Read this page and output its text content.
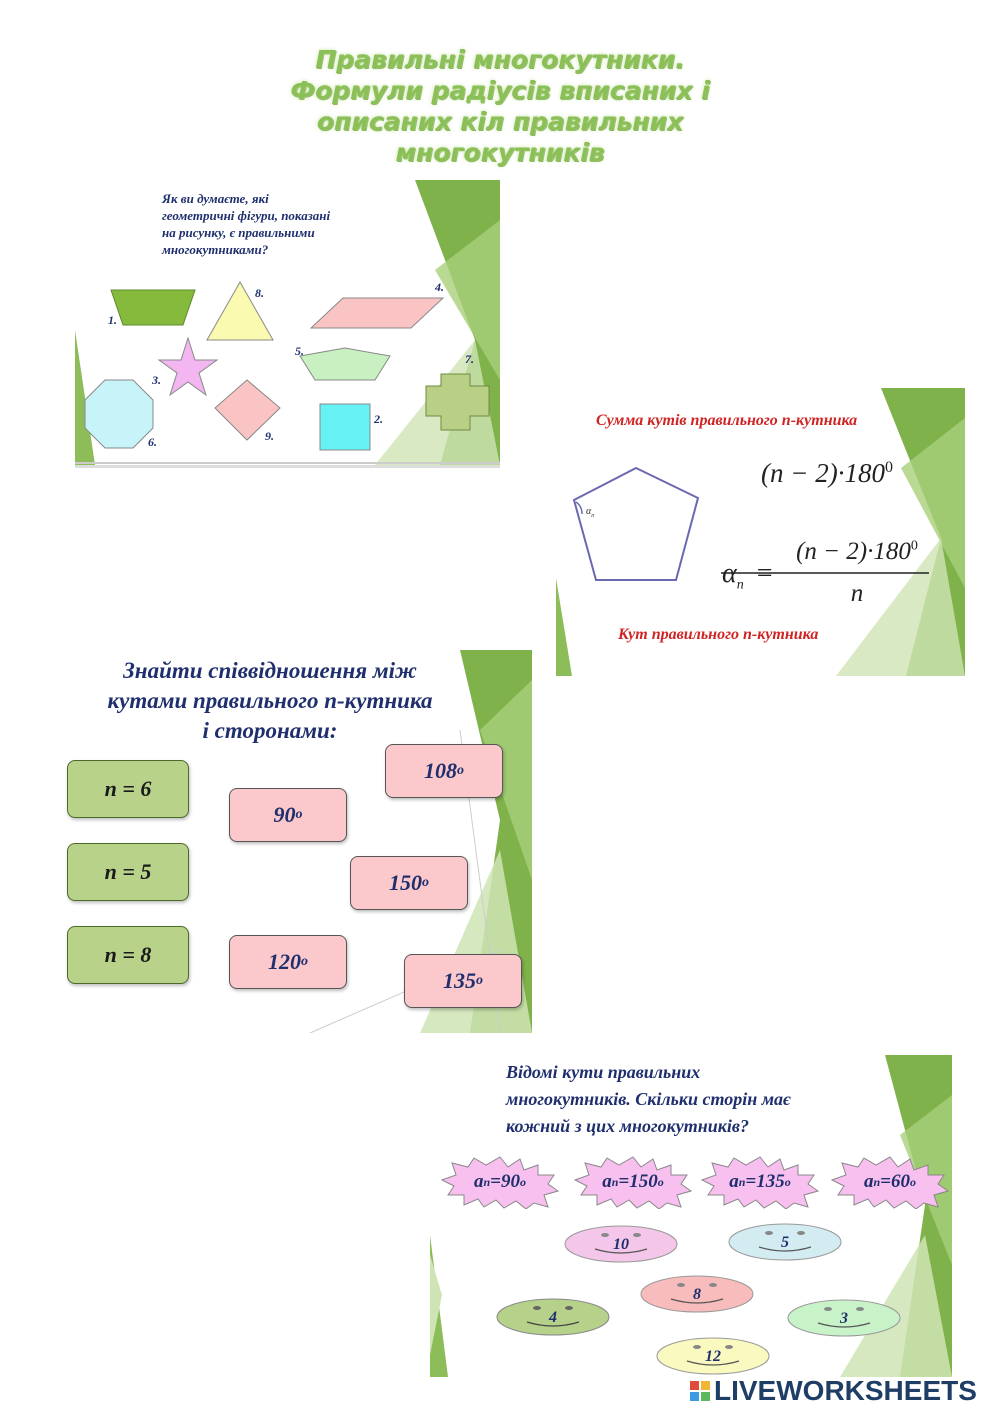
Правильні многокутники.
Формули радіусів вписаних і
описаних кіл правильних
многокутників
Як ви думаєте, які
геометричні фігури, показані
на рисунку, є правильними
многокутниками?
1.
8.	4.
5.
7.
3.
6.	9.
2.	Сумма кутів правильного n-кутника
$(n - 2)\cdot 180^0$
$\alpha_n$
$\alpha_n$ =
$(n - 2)\cdot 180^0$
n
Кут правильного n-кутника
Знайти співвідношення між
кутами правильного n-кутника
і сторонами:
n = 6
n = 5
n = 8
108 o
90 o
150 o
120 o
135 o
Відомі кути правильних
многокутників. Скільки сторін має
кожний з цих многокутників?
a n =90 o	a n =150 o	a n =135 o	a n =60 o
10	5
8
4	3
12
LIVEWORKSHEETS
